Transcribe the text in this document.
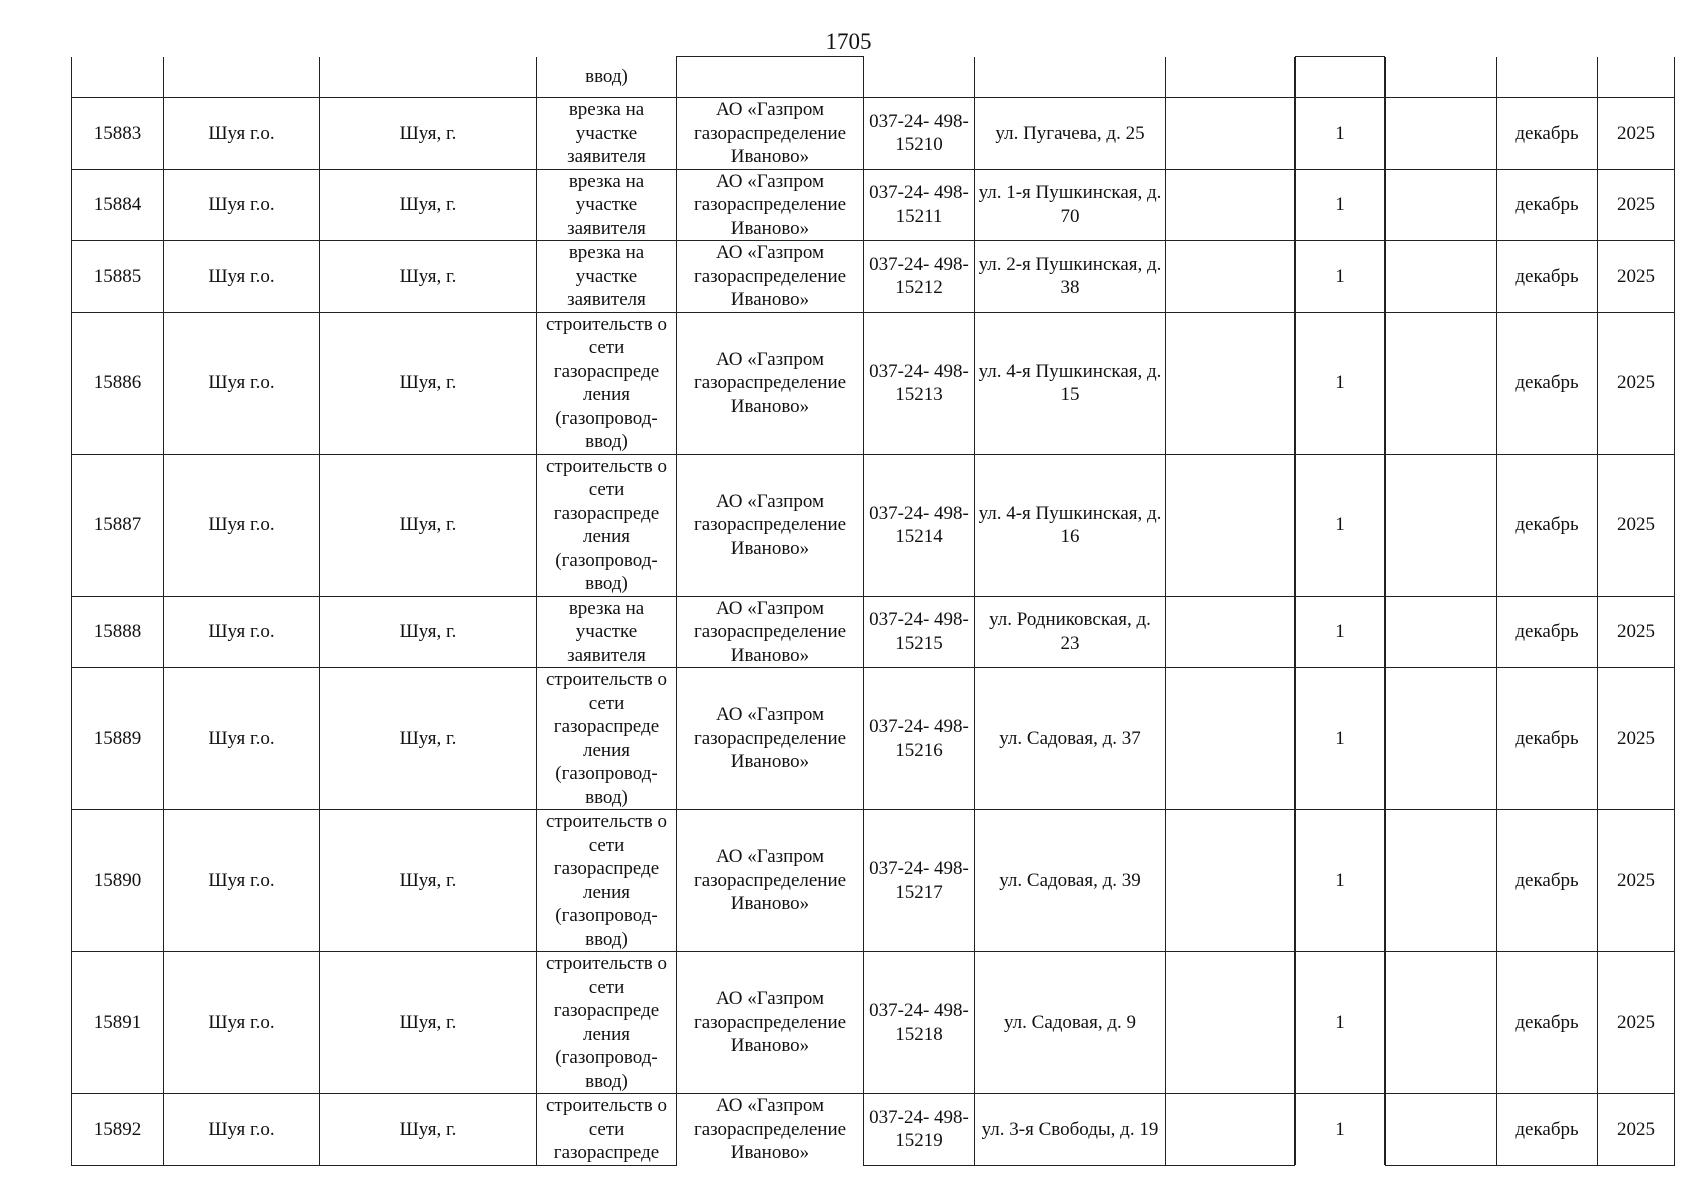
1705
			ввод)										
15883	Шуя г.о.	Шуя, г.	врезка на участке заявителя	АО «Газпром газораспределение Иваново»	037-24- 498-15210	ул. Пугачева, д. 25			1			декабрь	2025
15884	Шуя г.о.	Шуя, г.	врезка на участке заявителя	АО «Газпром газораспределение Иваново»	037-24- 498-15211	ул. 1-я Пушкинская, д. 70			1			декабрь	2025
15885	Шуя г.о.	Шуя, г.	врезка на участке заявителя	АО «Газпром газораспределение Иваново»	037-24- 498-15212	ул. 2-я Пушкинская, д. 38			1			декабрь	2025
15886	Шуя г.о.	Шуя, г.	строительств о сети газораспреде ления (газопровод- ввод)	АО «Газпром газораспределение Иваново»	037-24- 498-15213	ул. 4-я Пушкинская, д. 15			1			декабрь	2025
15887	Шуя г.о.	Шуя, г.	строительств о сети газораспреде ления (газопровод- ввод)	АО «Газпром газораспределение Иваново»	037-24- 498-15214	ул. 4-я Пушкинская, д. 16			1			декабрь	2025
15888	Шуя г.о.	Шуя, г.	врезка на участке заявителя	АО «Газпром газораспределение Иваново»	037-24- 498-15215	ул. Родниковская, д. 23			1			декабрь	2025
15889	Шуя г.о.	Шуя, г.	строительств о сети газораспреде ления (газопровод- ввод)	АО «Газпром газораспределение Иваново»	037-24- 498-15216	ул. Садовая, д. 37			1			декабрь	2025
15890	Шуя г.о.	Шуя, г.	строительств о сети газораспреде ления (газопровод- ввод)	АО «Газпром газораспределение Иваново»	037-24- 498-15217	ул. Садовая, д. 39			1			декабрь	2025
15891	Шуя г.о.	Шуя, г.	строительств о сети газораспреде ления (газопровод- ввод)	АО «Газпром газораспределение Иваново»	037-24- 498-15218	ул. Садовая, д. 9			1			декабрь	2025
15892	Шуя г.о.	Шуя, г.	строительств о сети газораспреде	АО «Газпром газораспределение Иваново»	037-24- 498-15219	ул. 3-я Свободы, д. 19			1			декабрь	2025
